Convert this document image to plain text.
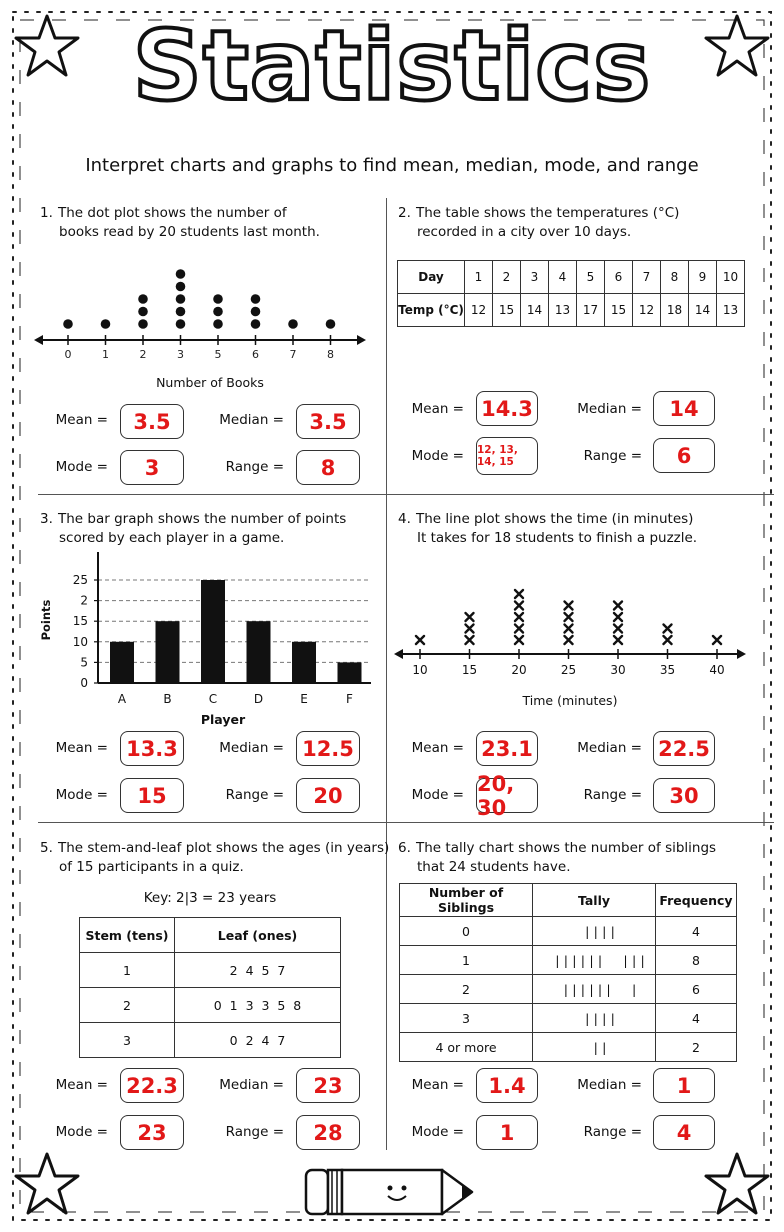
Statistics
Interpret charts and graphs to find mean, median, mode, and range
1. The dot plot shows the number of
books read by 20 students last month.
0	1	2	3	5	6	7	8
Number of Books
Mean =	3.5	Median =	3.5
Mode =	3	Range =	8
2. The table shows the temperatures (°C)
recorded in a city over 10 days.
Day	1	2	3	4	5	6	7	8	9	10
Temp (°C)	12	15	14	13	17	15	12	18	14	13
Mean = 14.3	Median =	14
Mode = 12, 13, 14, 15	Range =	6
3. The bar graph shows the number of points
scored by each player in a game.
0
5
10
15
2
25
A	B	C	D	E	F
Player
Points
Mean = 13.3	Median = 12.5
Mode =	15	Range =	20
4. The line plot shows the time (in minutes)
It takes for 18 students to finish a puzzle.
10	15	20	25	30	35	40
Time (minutes)
Mean = 23.1	Median = 22.5
Mode = 20, 30
Range =	30
5. The stem-and-leaf plot shows the ages (in years)
of 15 participants in a quiz.
Key: 2|3 = 23 years
Stem (tens)	Leaf (ones)
1	2  4  5  7
2	0  1  3  3  5  8
3	0  2  4  7
Mean = 22.3	Median =	23
Mode =	23	Range =	28
6. The tally chart shows the number of siblings
that 24 students have.
Number of Siblings	Tally	Frequency
0	||||	4
1	||||||  |||	8
2	||||||  |	6
3	||||	4
4 or more	||	2
Mean =	1.4	Median =	1
Mode =	1	Range =	4
